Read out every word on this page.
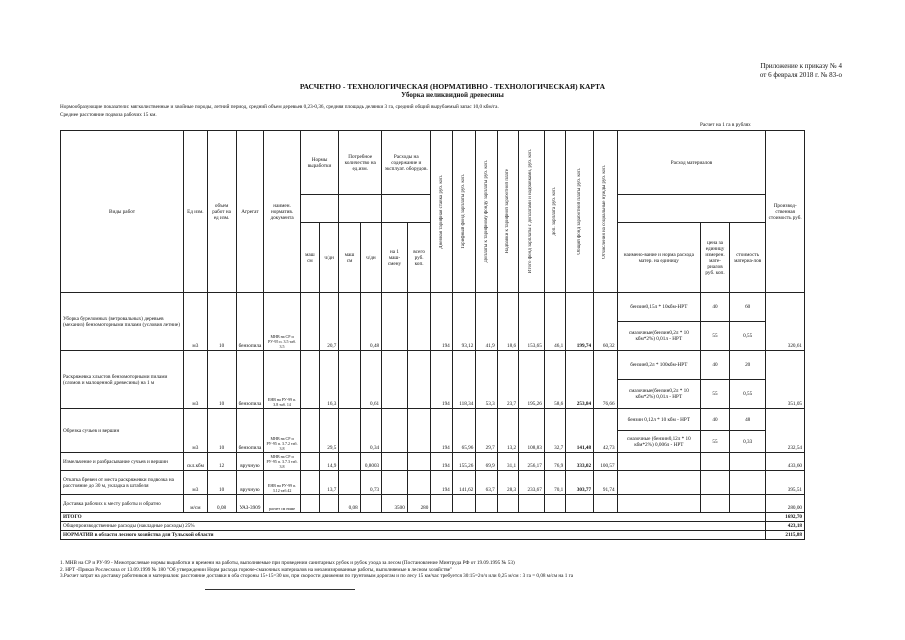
Приложение к приказу № 4
от 6 февраля 2018 г. № 83-о
РАСЧЕТНО - ТЕХНОЛОГИЧЕСКАЯ (НОРМАТИВНО - ТЕХНОЛОГИЧЕСКАЯ) КАРТА
Уборка неликвидной древесины
Нормообразующие показатели: мягколиственные и хвойные породы, летний период, средний объем деревьев 0,23-0,36, средняя площадь делянки 3 га, средний общий вырубаемый запас 10,0 кбм/га.
Среднее расстояние подвоза рабочих 15 км.
Расчет на 1 га в рублях
Виды работ	Ед изм.	объем работ на ед изм.	Агрегат	наимен. норматив. документа	Нормы выработки		Потребное количество на ед.изм.		Расходы на содержание и эксплуат. оборудов.		Дневная тарифная ставка руб. коп.	Тарифный фонд зарплаты руб. коп.	Доплаты к тарифному фонду зарплаты руб. коп.	Надбавки к тарифной заработной плате	Итого фонд зарплаты с доплатами и надбавками, руб. коп.	доп. зарплата руб. коп.	Общий фонд заработной платы руб. коп.	Отчисления на социальные нужды руб. коп.	Расход материалов			Производ-ственная стоимость руб.

					маш см	ч/дн	маш см	ч/дн	на 1 маш-смену	всего руб. коп.									наимено-вание и норма расхода матер. на единицу	цена за единицу измерен. мате-риалов руб. коп.	стоимость материа-лов	
Уборка буреломных (ветровальных) деревьев (механиз) бензомоторными пилами (условия летние)	м3	10	бензопила	МНВ на СР и РУ-95 п. 3.5 таб. 3.5		20,7		0,48			194	93,12	41,9	18,6	153,65	46,1	199,74	60,32	бензин0,15л * 10кбм-НРТ	40	60	320,61
																			смазочные(бензин0,2л * 10 кбм*2%) 0,01л - НРТ	55	0,55	
Раскряжевка хлыстов бензомоторными пилами (сломов и малоценной древесины) на 1 м	м3	10	бензопила	ЕНВ на РУ-99 п. 3.8 таб. 14		16,3		0,61			194	118,34	53,3	23,7	195,26	58,6	253,84	76,66	бензин0,2л * 100кбм-НРТ	40	20	351,05
																			смазочные(бензин0,2л * 10 кбм*2%) 0,01л - НРТ	55	0,55	
Обрезка сучьев и вершин	м3	10	бензопила	МНВ на СР и РУ-95 п. 3.7.2 таб. 3.8		29,5		0,34			194	65,96	29,7	13,2	108,83	32,7	141,48	42,73	бензин 0,12л * 10 кбм - НРТ	40	48	232,54
																			смазочные (бензин0,12л * 10 кбм*2%) 0,006л - НРТ	55	0,33	
Измельчение и разбрасывание сучьев и вершин	скл.кбм	12	вручную	МНВ на СР и РУ-95 п. 3.7.3 таб. 3.8		14,9		0,8003			194	155,26	69,9	31,1	256,17	76,9	333,02	100,57				433,60
Откатка бревен от места раскряжевки подвозка на расстояние до 30 м, укладка в штабеля	м3	10	вручную	ЕНВ на РУ-99 п. 3.12 таб.42		13,7		0,73			194	141,62	63,7	28,3	233,67	70,1	303,77	91,74				395,51
Доставка рабочих к месту работы и обратно	м/см	0,08	УАЗ-3909	расчет см ниже			0,08		3500	280												280,00
ИТОГО																						1692,70
Общепроизводственные расходы (накладные расходы) 25%																						423,18
НОРМАТИВ в области лесного хозяйства для Тульской области																						2115,88
1. МНВ на СР и РУ-99 - Межотраслевые нормы выработки и времени на работы, выполняемые при проведении санитарных рубок и рубок ухода за лесом (Постановление Минтруда РФ от 19.09.1995 № 53)
2. НРТ -Приказ Рослесхоза от 13.09.1999 № 180 "Об утверждении Норм расхода горюче-смазочных материалов на механизированные работы, выполняемые в лесном хозяйстве"
3.Расчет затрат на доставку работников и материалов: расстояние доставки в оба стороны 15+15=30 км, при скорости движения по грунтовым дорогам и по лесу 15 км/час требуется 30:15=2ч/ч или 0,25 м/см : 3 га = 0,08 м/см на 1 га
